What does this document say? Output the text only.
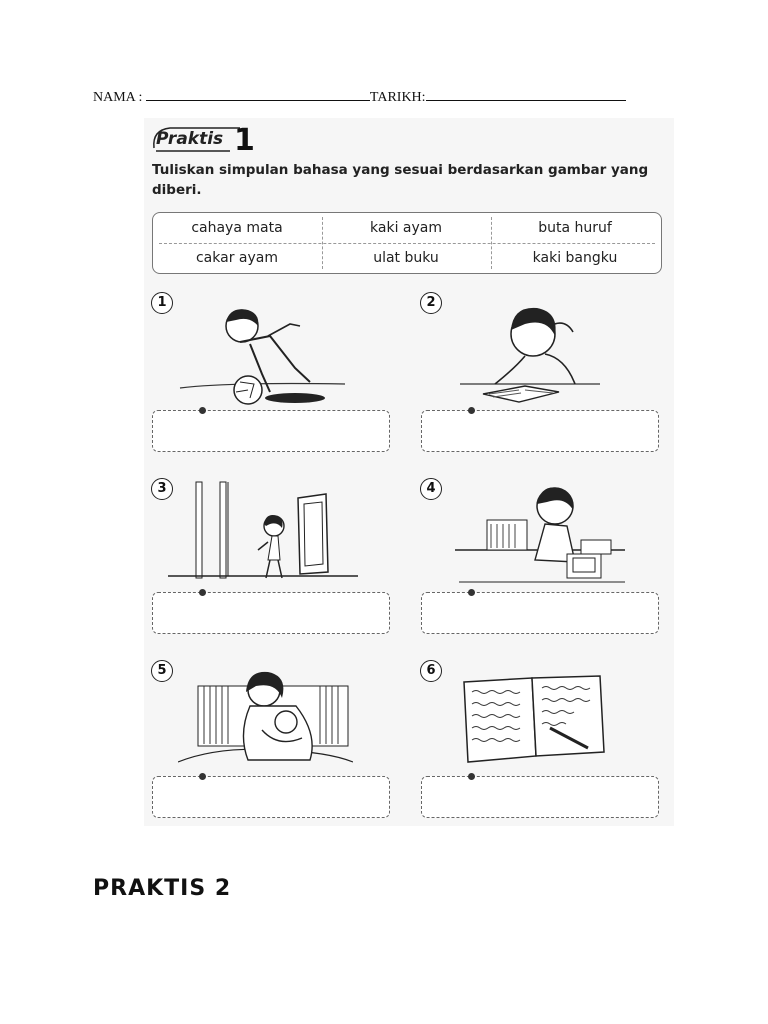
NAMA :	TARIKH:
Praktis 1
Tuliskan simpulan bahasa yang sesuai berdasarkan gambar yang diberi.
cahaya mata	kaki ayam	buta huruf
cakar ayam	ulat buku	kaki bangku
1	2
3	4
5	6
PRAKTIS 2
